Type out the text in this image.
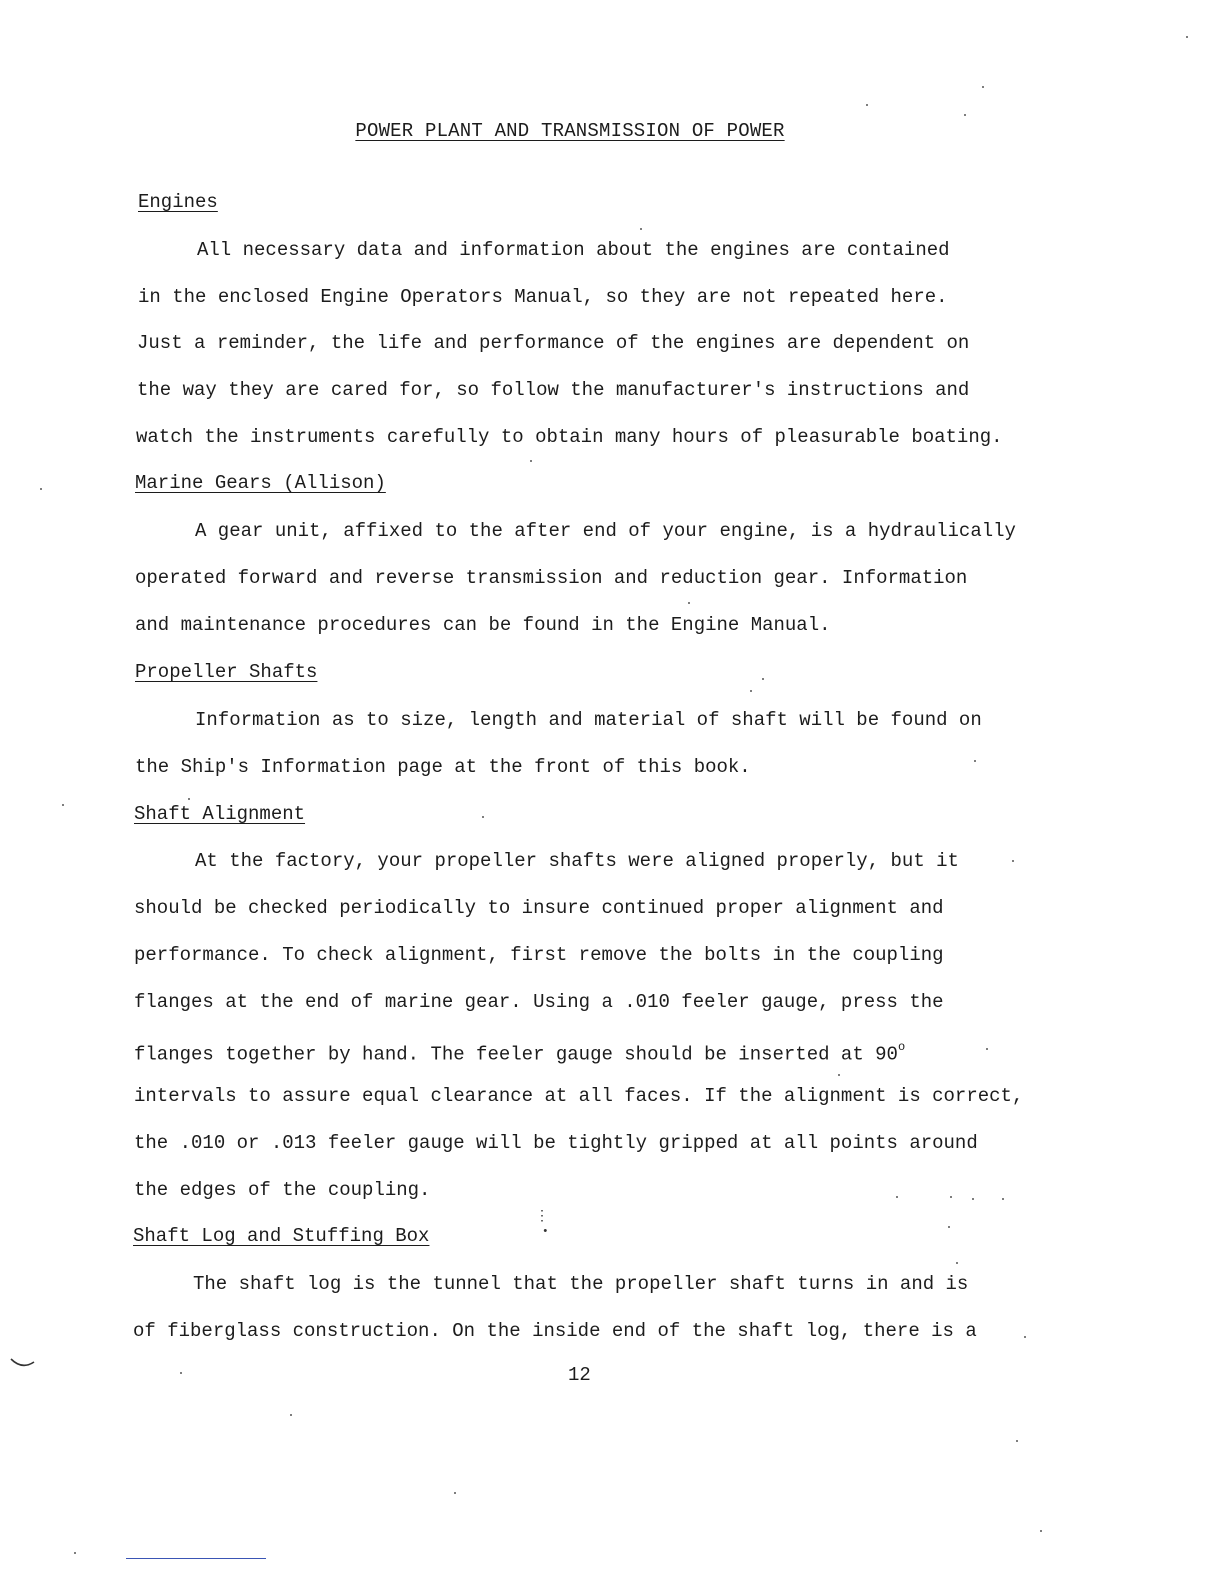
POWER PLANT AND TRANSMISSION OF POWER
Engines
All necessary data and information about the engines are contained
in the enclosed Engine Operators Manual, so they are not repeated here.
Just a reminder, the life and performance of the engines are dependent on
the way they are cared for, so follow the manufacturer's instructions and
watch the instruments carefully to obtain many hours of pleasurable boating.
Marine Gears (Allison)
A gear unit, affixed to the after end of your engine, is a hydraulically
operated forward and reverse transmission and reduction gear. Information
and maintenance procedures can be found in the Engine Manual.
Propeller Shafts
Information as to size, length and material of shaft will be found on
the Ship's Information page at the front of this book.
Shaft Alignment
At the factory, your propeller shafts were aligned properly, but it
should be checked periodically to insure continued proper alignment and
performance. To check alignment, first remove the bolts in the coupling
flanges at the end of marine gear. Using a .010 feeler gauge, press the
flanges together by hand. The feeler gauge should be inserted at 90$^o$
intervals to assure equal clearance at all faces. If the alignment is correct,
the .010 or .013 feeler gauge will be tightly gripped at all points around
the edges of the coupling.
Shaft Log and Stuffing Box
The shaft log is the tunnel that the propeller shaft turns in and is
of fiberglass construction. On the inside end of the shaft log, there is a
12
⋮
•
